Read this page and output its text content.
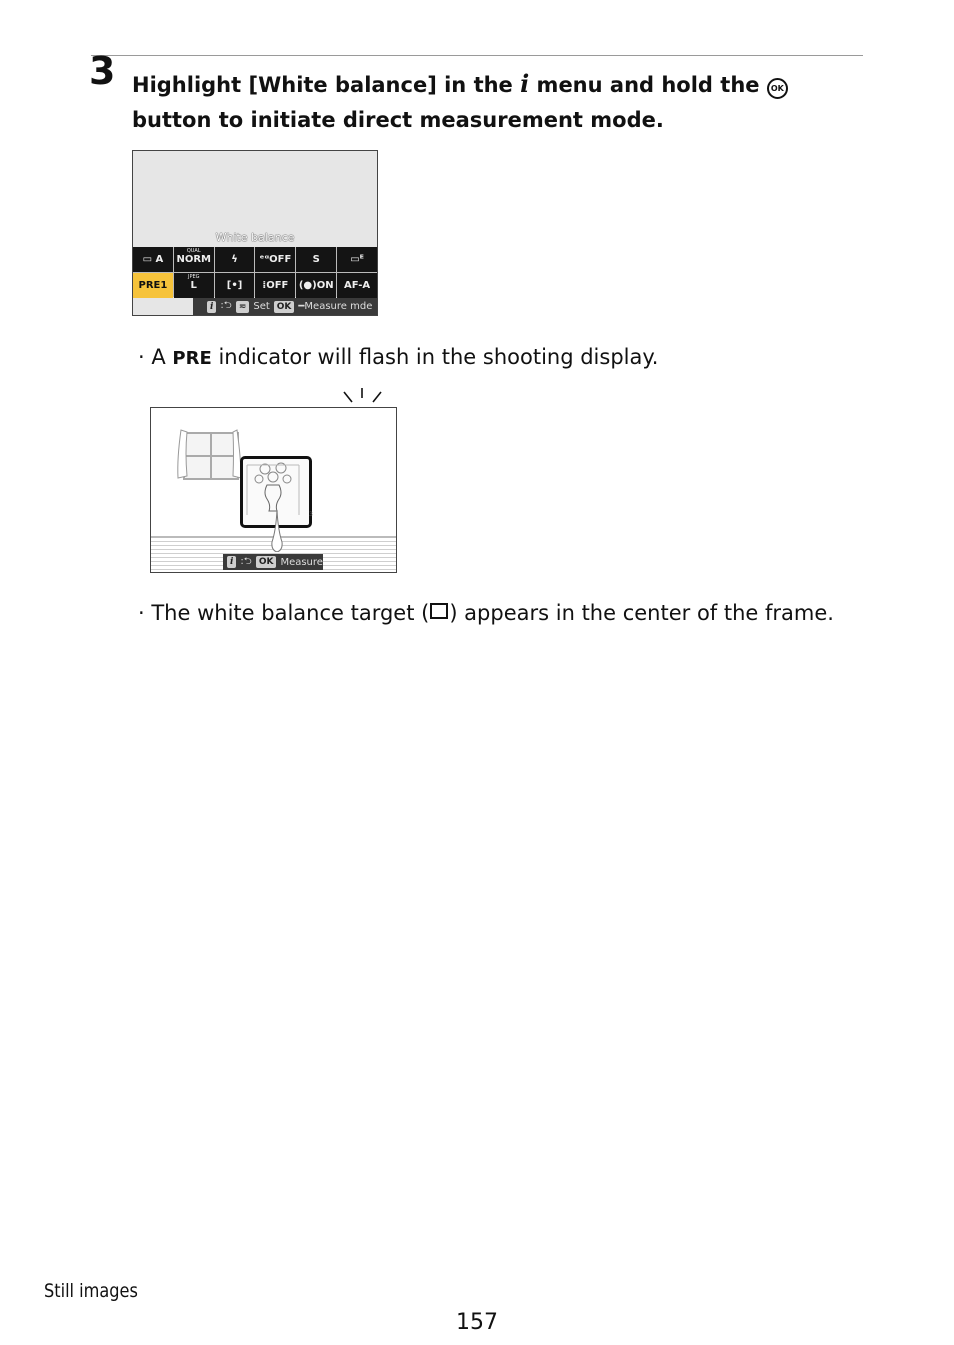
3 Highlight [White balance] in the i menu and hold the OK button to initiate direct measurement mode.
White balance
▭ A
QUAL
NORM ϟ ᵉᵅOFF S	▭ᴱ
PRE1
JPEG
L	[•] ⁞OFF (●)ON AF-A
i :⮌ ≂ Set OK ━Measure mde
· A PRE indicator will flash in the shooting display.
3
i :⮌ OK Measure
· The white balance target ( ) appears in the center of the frame.
Still images
157
